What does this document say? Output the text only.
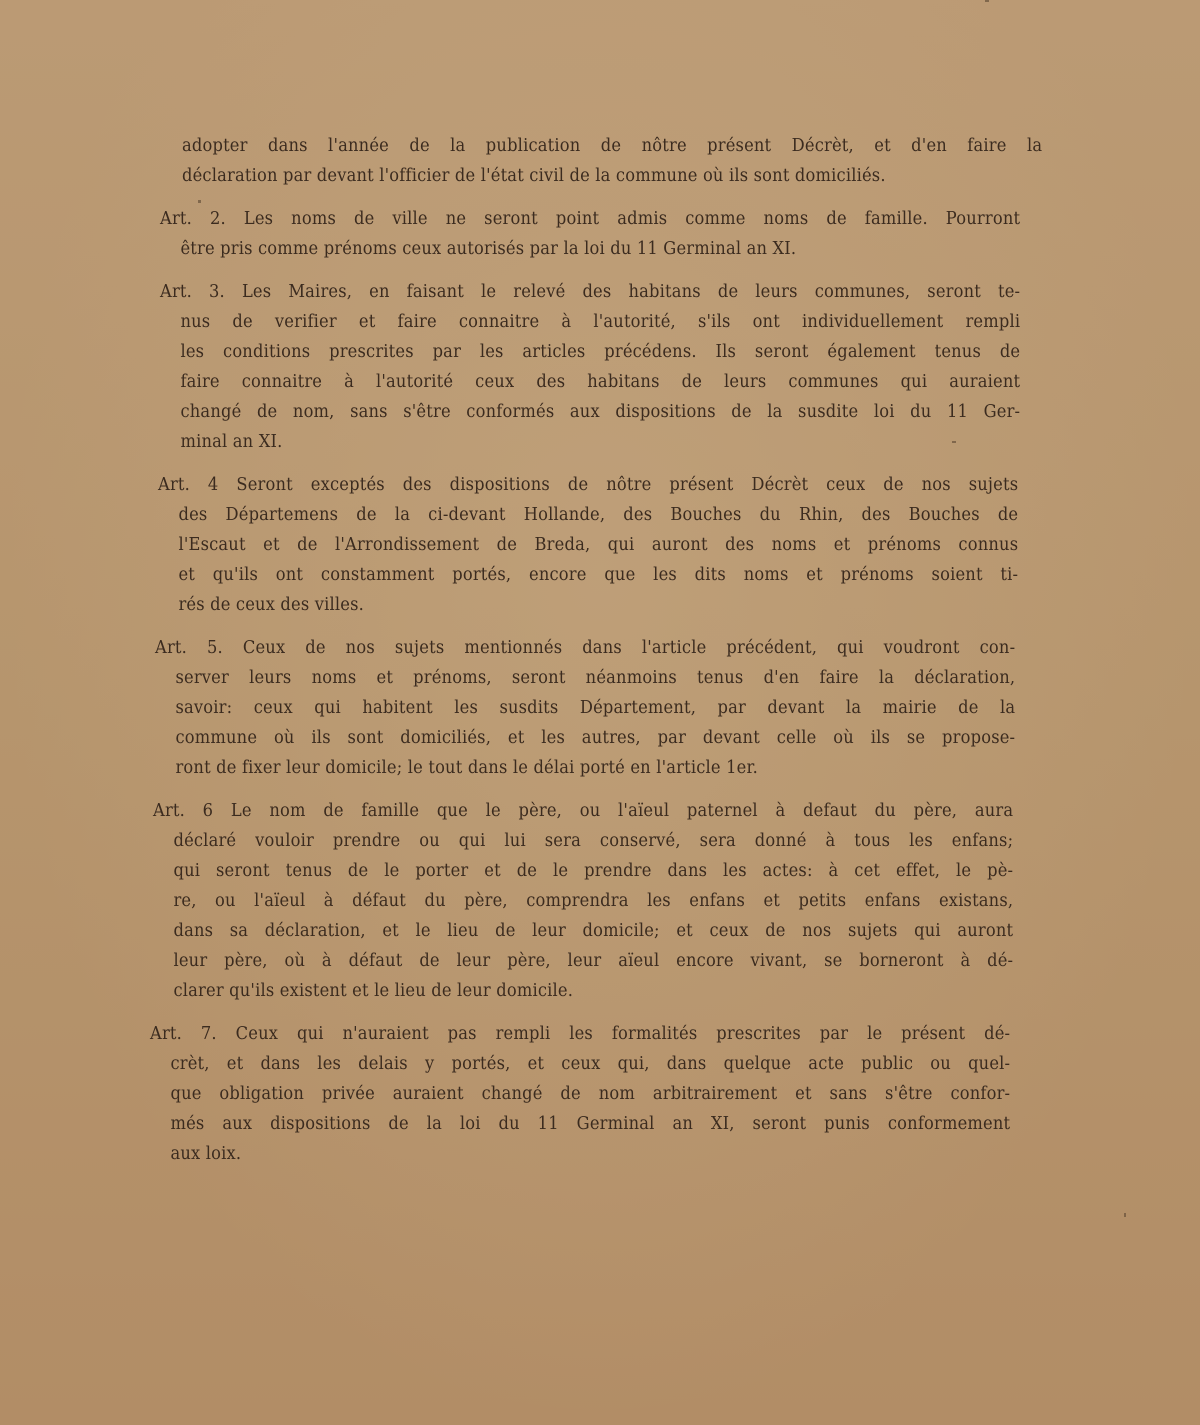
adopter dans l'année de la publication de nôtre présent Décrèt, et d'en faire la
déclaration par devant l'officier de l'état civil de la commune où ils sont domiciliés.
Art. 2. Les noms de ville ne seront point admis comme noms de famille. Pourront
être pris comme prénoms ceux autorisés par la loi du 11 Germinal an XI.
Art. 3. Les Maires, en faisant le relevé des habitans de leurs communes, seront te-
nus de verifier et faire connaitre à l'autorité, s'ils ont individuellement rempli
les conditions prescrites par les articles précédens. Ils seront également tenus de
faire connaitre à l'autorité ceux des habitans de leurs communes qui auraient
changé de nom, sans s'être conformés aux dispositions de la susdite loi du 11 Ger-
minal an XI.
Art. 4 Seront exceptés des dispositions de nôtre présent Décrèt ceux de nos sujets
des Départemens de la ci-devant Hollande, des Bouches du Rhin, des Bouches de
l'Escaut et de l'Arrondissement de Breda, qui auront des noms et prénoms connus
et qu'ils ont constamment portés, encore que les dits noms et prénoms soient ti-
rés de ceux des villes.
Art. 5. Ceux de nos sujets mentionnés dans l'article précédent, qui voudront con-
server leurs noms et prénoms, seront néanmoins tenus d'en faire la déclaration,
savoir: ceux qui habitent les susdits Département, par devant la mairie de la
commune où ils sont domiciliés, et les autres, par devant celle où ils se propose-
ront de fixer leur domicile; le tout dans le délai porté en l'article 1er.
Art. 6 Le nom de famille que le père, ou l'aïeul paternel à defaut du père, aura
déclaré vouloir prendre ou qui lui sera conservé, sera donné à tous les enfans;
qui seront tenus de le porter et de le prendre dans les actes: à cet effet, le pè-
re, ou l'aïeul à défaut du père, comprendra les enfans et petits enfans existans,
dans sa déclaration, et le lieu de leur domicile; et ceux de nos sujets qui auront
leur père, où à défaut de leur père, leur aïeul encore vivant, se borneront à dé-
clarer qu'ils existent et le lieu de leur domicile.
Art. 7. Ceux qui n'auraient pas rempli les formalités prescrites par le présent dé-
crèt, et dans les delais y portés, et ceux qui, dans quelque acte public ou quel-
que obligation privée auraient changé de nom arbitrairement et sans s'être confor-
més aux dispositions de la loi du 11 Germinal an XI, seront punis conformement
aux loix.
